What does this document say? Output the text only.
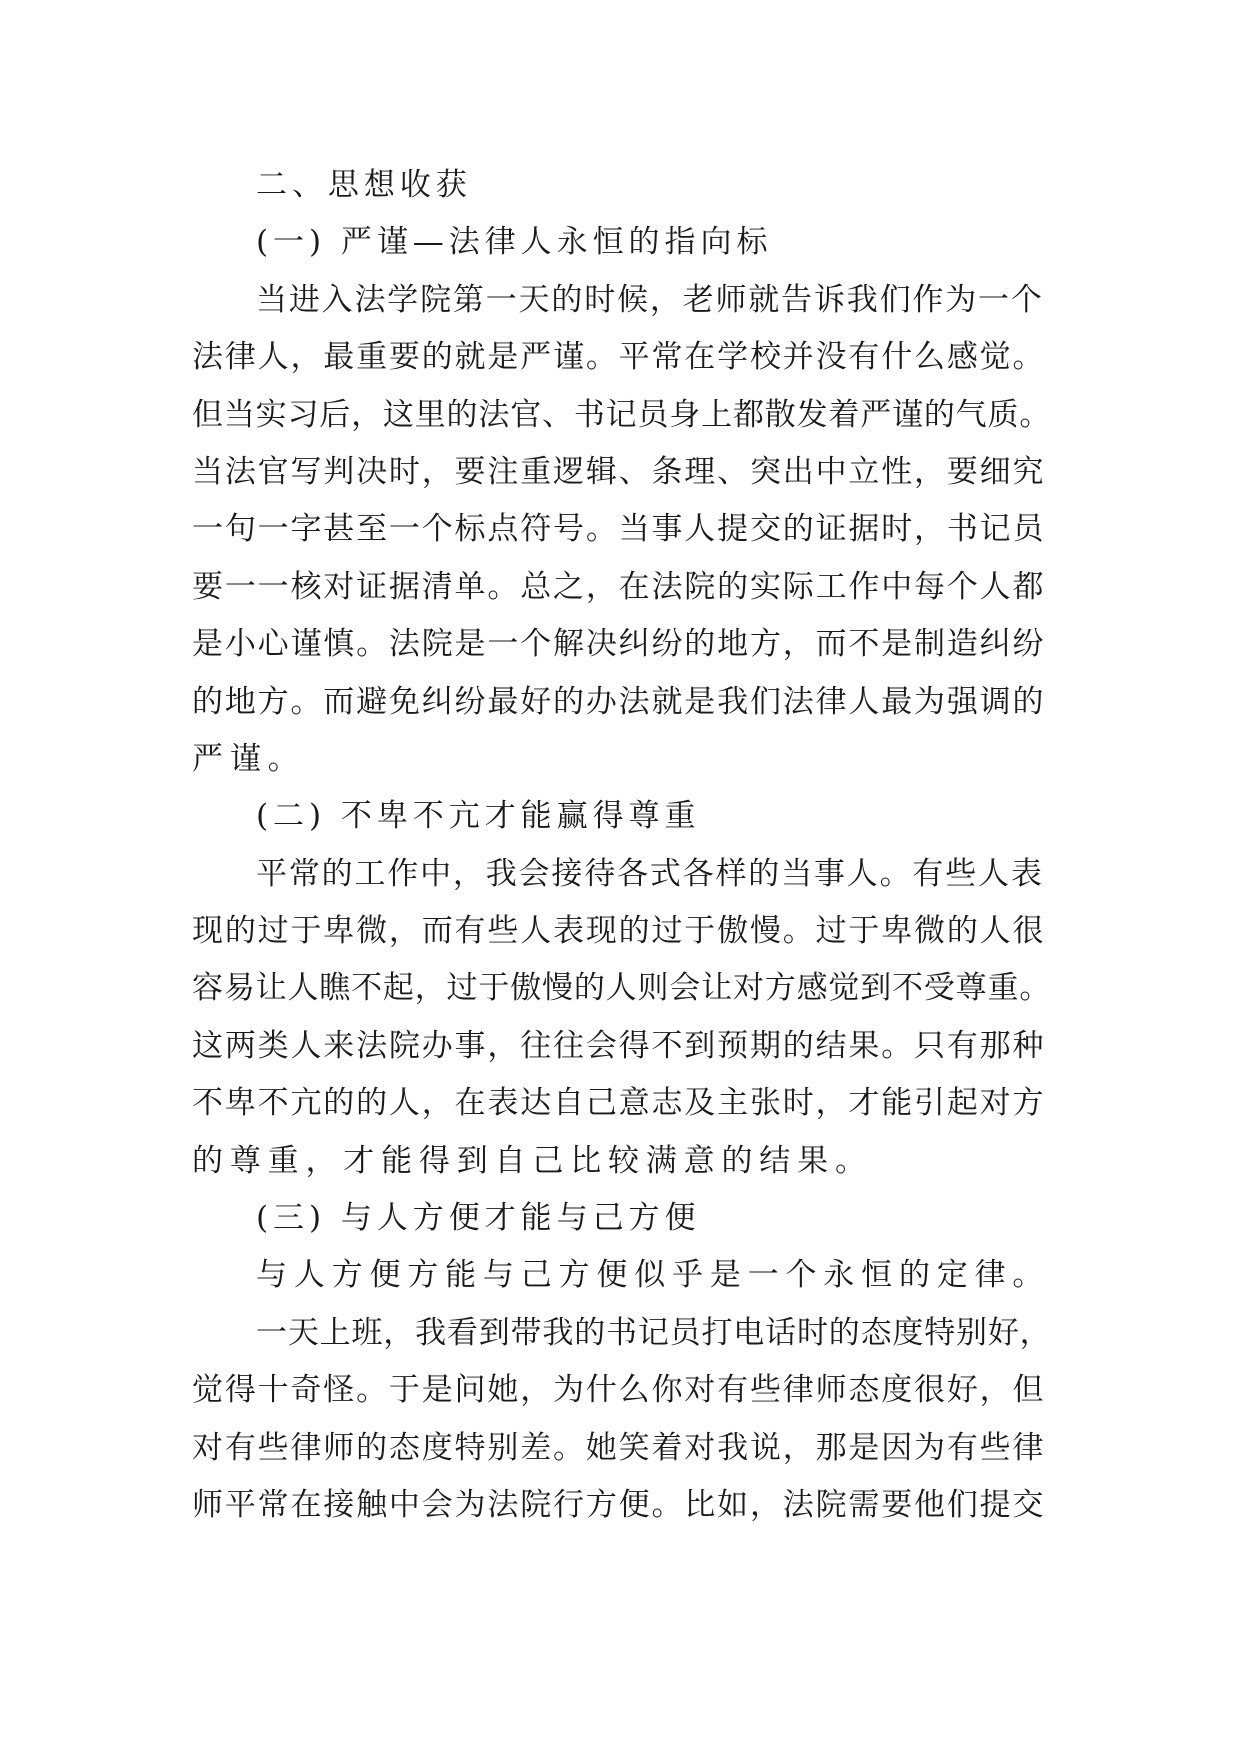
二、思想收获
(一) 严谨—法律人永恒的指向标
当进入法学院第一天的时候，老师就告诉我们作为一个
法律人，最重要的就是严谨。平常在学校并没有什么感觉。
但当实习后，这里的法官、书记员身上都散发着严谨的气质。
当法官写判决时，要注重逻辑、条理、突出中立性，要细究
一句一字甚至一个标点符号。当事人提交的证据时，书记员
要一一核对证据清单。总之，在法院的实际工作中每个人都
是小心谨慎。法院是一个解决纠纷的地方，而不是制造纠纷
的地方。而避免纠纷最好的办法就是我们法律人最为强调的
严谨。
(二) 不卑不亢才能赢得尊重
平常的工作中，我会接待各式各样的当事人。有些人表
现的过于卑微，而有些人表现的过于傲慢。过于卑微的人很
容易让人瞧不起，过于傲慢的人则会让对方感觉到不受尊重。
这两类人来法院办事，往往会得不到预期的结果。只有那种
不卑不亢的的人，在表达自己意志及主张时，才能引起对方
的尊重，才能得到自己比较满意的结果。
(三) 与人方便才能与己方便
与人方便方能与己方便似乎是一个永恒的定律。
一天上班，我看到带我的书记员打电话时的态度特别好，
觉得十奇怪。于是问她，为什么你对有些律师态度很好，但
对有些律师的态度特别差。她笑着对我说，那是因为有些律
师平常在接触中会为法院行方便。比如，法院需要他们提交
